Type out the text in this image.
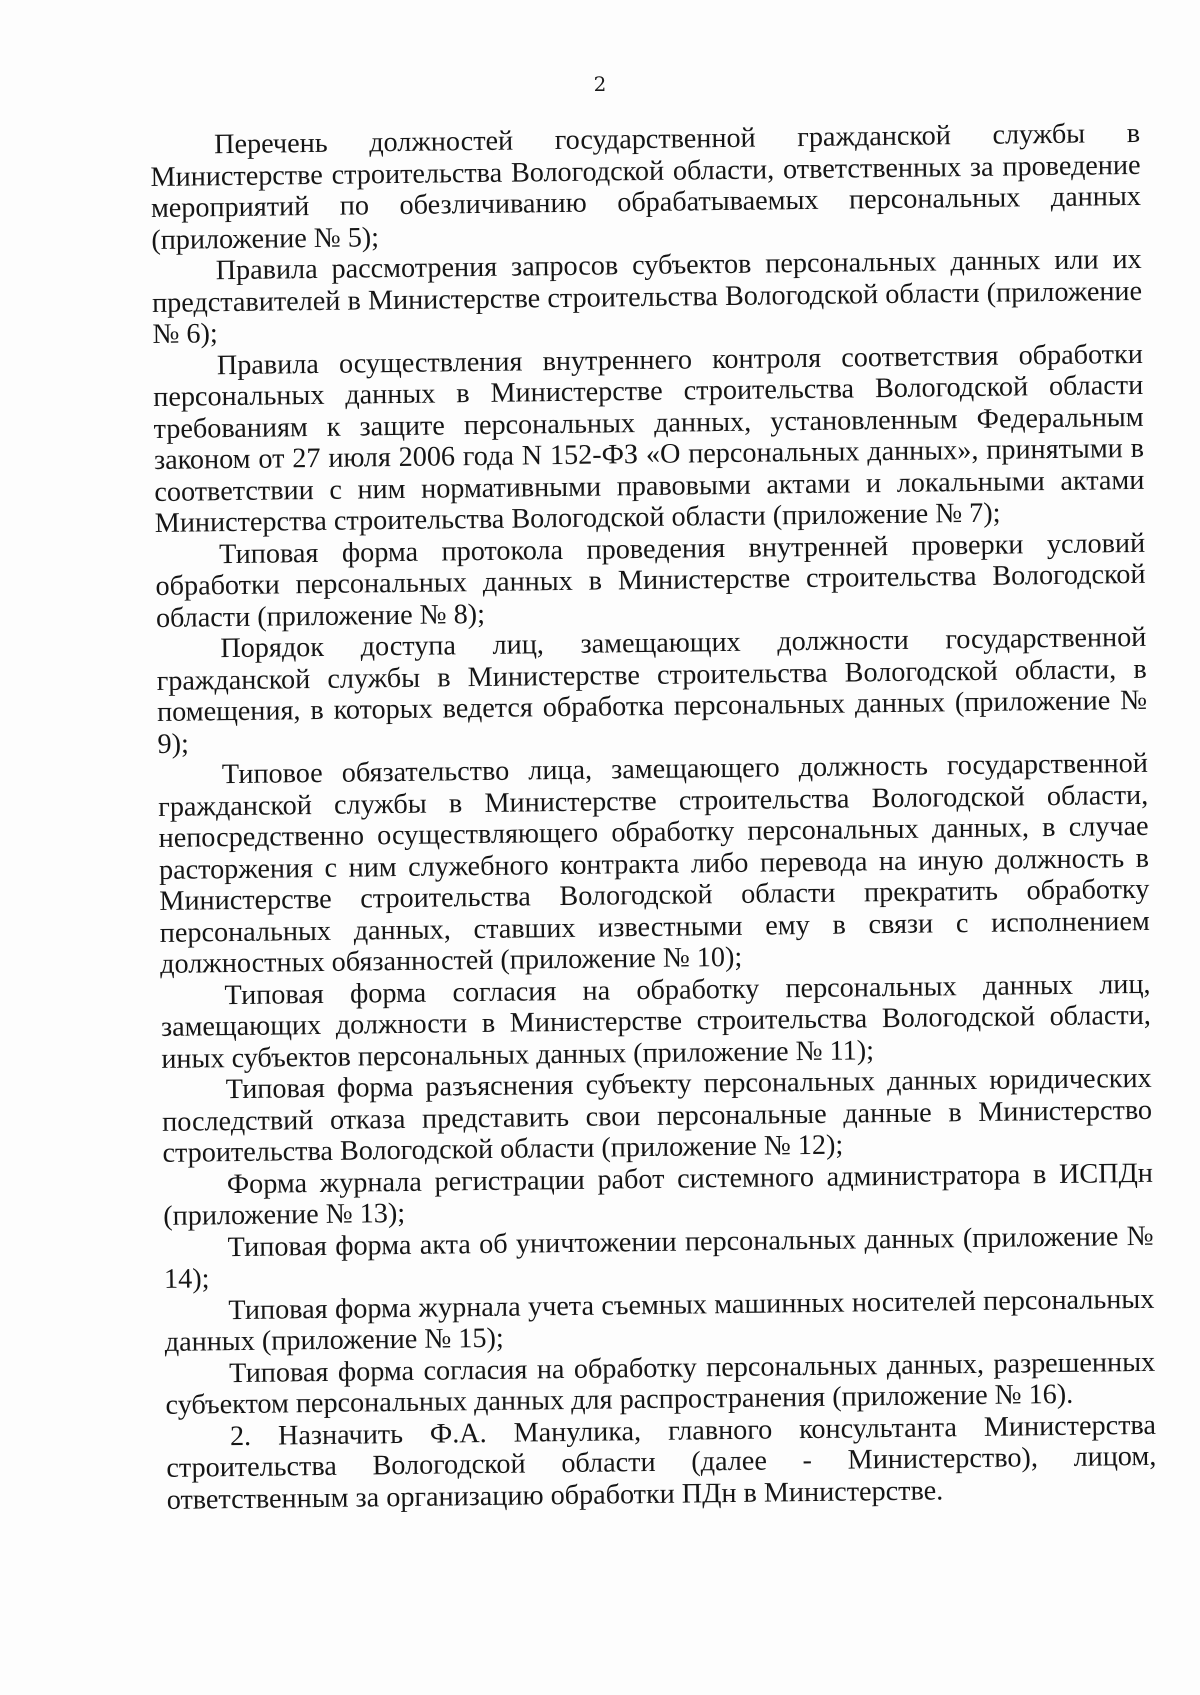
2

Перечень должностей государственной гражданской службы в Министерстве строительства Вологодской области, ответственных за проведение мероприятий по обезличиванию обрабатываемых персональных данных (приложение № 5);

Правила рассмотрения запросов субъектов персональных данных или их представителей в Министерстве строительства Вологодской области (приложение № 6);

Правила осуществления внутреннего контроля соответствия обработки персональных данных в Министерстве строительства Вологодской области требованиям к защите персональных данных, установленным Федеральным законом от 27 июля 2006 года N 152-ФЗ «О персональных данных», принятыми в соответствии с ним нормативными правовыми актами и локальными актами Министерства строительства Вологодской области (приложение № 7);

Типовая форма протокола проведения внутренней проверки условий обработки персональных данных в Министерстве строительства Вологодской области (приложение № 8);

Порядок доступа лиц, замещающих должности государственной гражданской службы в Министерстве строительства Вологодской области, в помещения, в которых ведется обработка персональных данных (приложение № 9);

Типовое обязательство лица, замещающего должность государственной гражданской службы в Министерстве строительства Вологодской области, непосредственно осуществляющего обработку персональных данных, в случае расторжения с ним служебного контракта либо перевода на иную должность в Министерстве строительства Вологодской области прекратить обработку персональных данных, ставших известными ему в связи с исполнением должностных обязанностей (приложение № 10);

Типовая форма согласия на обработку персональных данных лиц, замещающих должности в Министерстве строительства Вологодской области, иных субъектов персональных данных (приложение № 11);

Типовая форма разъяснения субъекту персональных данных юридических последствий отказа представить свои персональные данные в Министерство строительства Вологодской области (приложение № 12);

Форма журнала регистрации работ системного администратора в ИСПДн (приложение № 13);

Типовая форма акта об уничтожении персональных данных (приложение № 14);

Типовая форма журнала учета съемных машинных носителей персональных данных (приложение № 15);

Типовая форма согласия на обработку персональных данных, разрешенных субъектом персональных данных для распространения (приложение № 16).

2. Назначить Ф.А. Манулика, главного консультанта Министерства строительства Вологодской области (далее - Министерство), лицом, ответственным за организацию обработки ПДн в Министерстве.
